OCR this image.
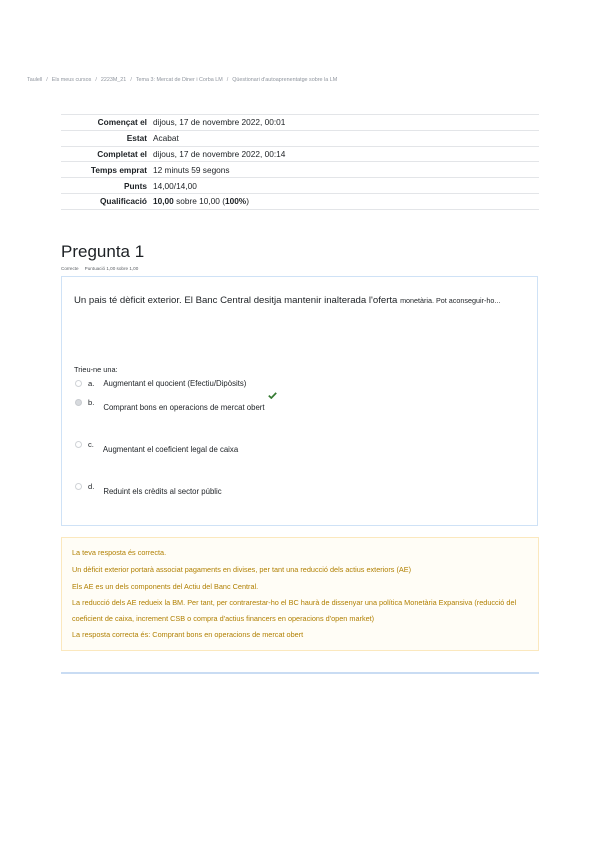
Taulell / Els meus cursos / 2223M_21 / Tema 3: Mercat de Diner i Corba LM / Qüestionari d'autoaprenentatge sobre la LM
Començat el	dijous, 17 de novembre 2022, 00:01
Estat	Acabat
Completat el	dijous, 17 de novembre 2022, 00:14
Temps emprat	12 minuts 59 segons
Punts	14,00/14,00
Qualificació	10,00 sobre 10,00 (100%)
Pregunta 1
Correcte Puntuació 1,00 sobre 1,00
Un pais té dèficit exterior. El Banc Central desitja mantenir inalterada l'oferta monetària. Pot aconseguir-ho...
Trieu-ne una:
a. Augmentant el quocient (Efectiu/Dipòsits)
b.Comprant bons en operacions de mercat obert
c.Augmentant el coeficient legal de caixa
d.Reduint els crèdits al sector públic

La teva resposta és correcta.

Un dèficit exterior portarà associat pagaments en divises, per tant una reducció dels actius exteriors (AE)

Els AE es un dels components del Actiu del Banc Central.

La reducció dels AE redueix la BM. Per tant, per contrarestar-ho el BC haurà de dissenyar una política Monetària Expansiva (reducció del coeficient de caixa, increment CSB o compra d'actius financers en operacions d'open market)

La resposta correcta és: Comprant bons en operacions de mercat obert
